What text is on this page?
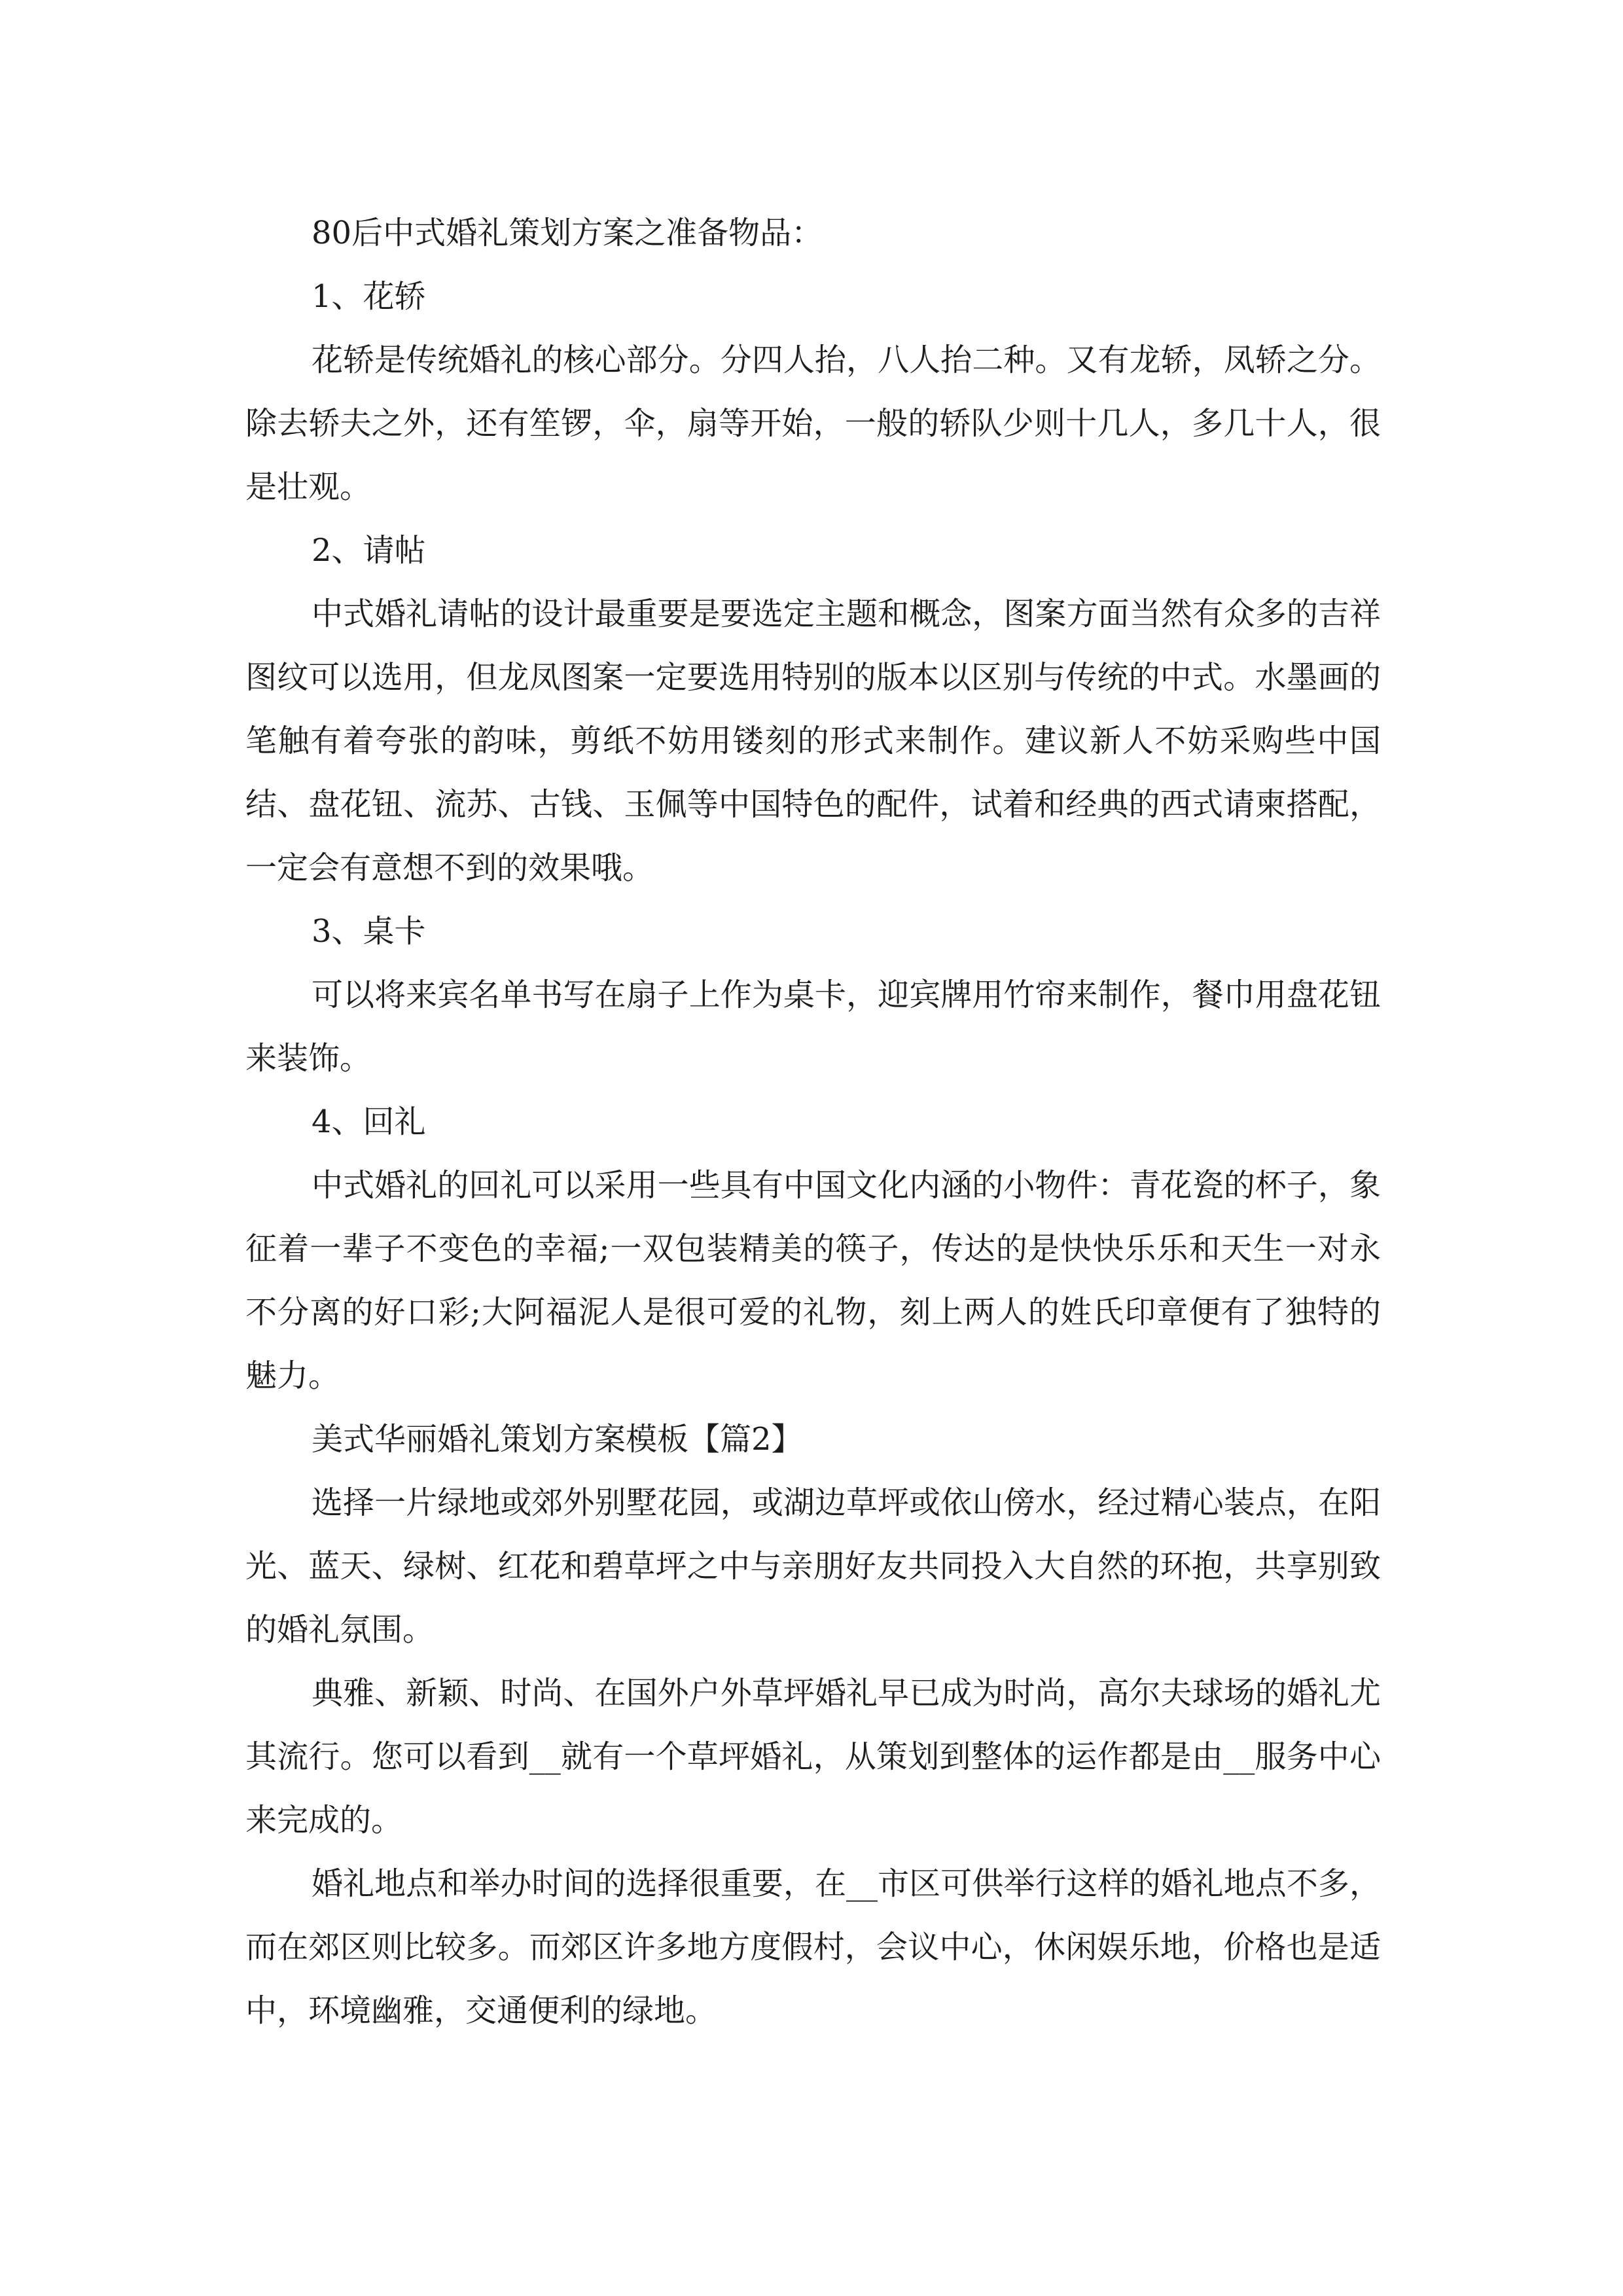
80后中式婚礼策划方案之准备物品：

1、花轿

花轿是传统婚礼的核心部分。分四人抬，八人抬二种。又有龙轿，凤轿之分。除去轿夫之外，还有笙锣，伞，扇等开始，一般的轿队少则十几人，多几十人，很是壮观。

2、请帖

中式婚礼请帖的设计最重要是要选定主题和概念，图案方面当然有众多的吉祥图纹可以选用，但龙凤图案一定要选用特别的版本以区别与传统的中式。水墨画的笔触有着夸张的韵味，剪纸不妨用镂刻的形式来制作。建议新人不妨采购些中国结、盘花钮、流苏、古钱、玉佩等中国特色的配件，试着和经典的西式请柬搭配，一定会有意想不到的效果哦。

3、桌卡

可以将来宾名单书写在扇子上作为桌卡，迎宾牌用竹帘来制作，餐巾用盘花钮来装饰。

4、回礼

中式婚礼的回礼可以采用一些具有中国文化内涵的小物件：青花瓷的杯子，象征着一辈子不变色的幸福;一双包装精美的筷子，传达的是快快乐乐和天生一对永不分离的好口彩;大阿福泥人是很可爱的礼物，刻上两人的姓氏印章便有了独特的魅力。

美式华丽婚礼策划方案模板【篇2】

选择一片绿地或郊外别墅花园，或湖边草坪或依山傍水，经过精心装点，在阳光、蓝天、绿树、红花和碧草坪之中与亲朋好友共同投入大自然的环抱，共享别致的婚礼氛围。

典雅、新颖、时尚、在国外户外草坪婚礼早已成为时尚，高尔夫球场的婚礼尤其流行。您可以看到__就有一个草坪婚礼，从策划到整体的运作都是由__服务中心来完成的。

婚礼地点和举办时间的选择很重要，在__市区可供举行这样的婚礼地点不多，而在郊区则比较多。而郊区许多地方度假村，会议中心，休闲娱乐地，价格也是适中，环境幽雅，交通便利的绿地。
